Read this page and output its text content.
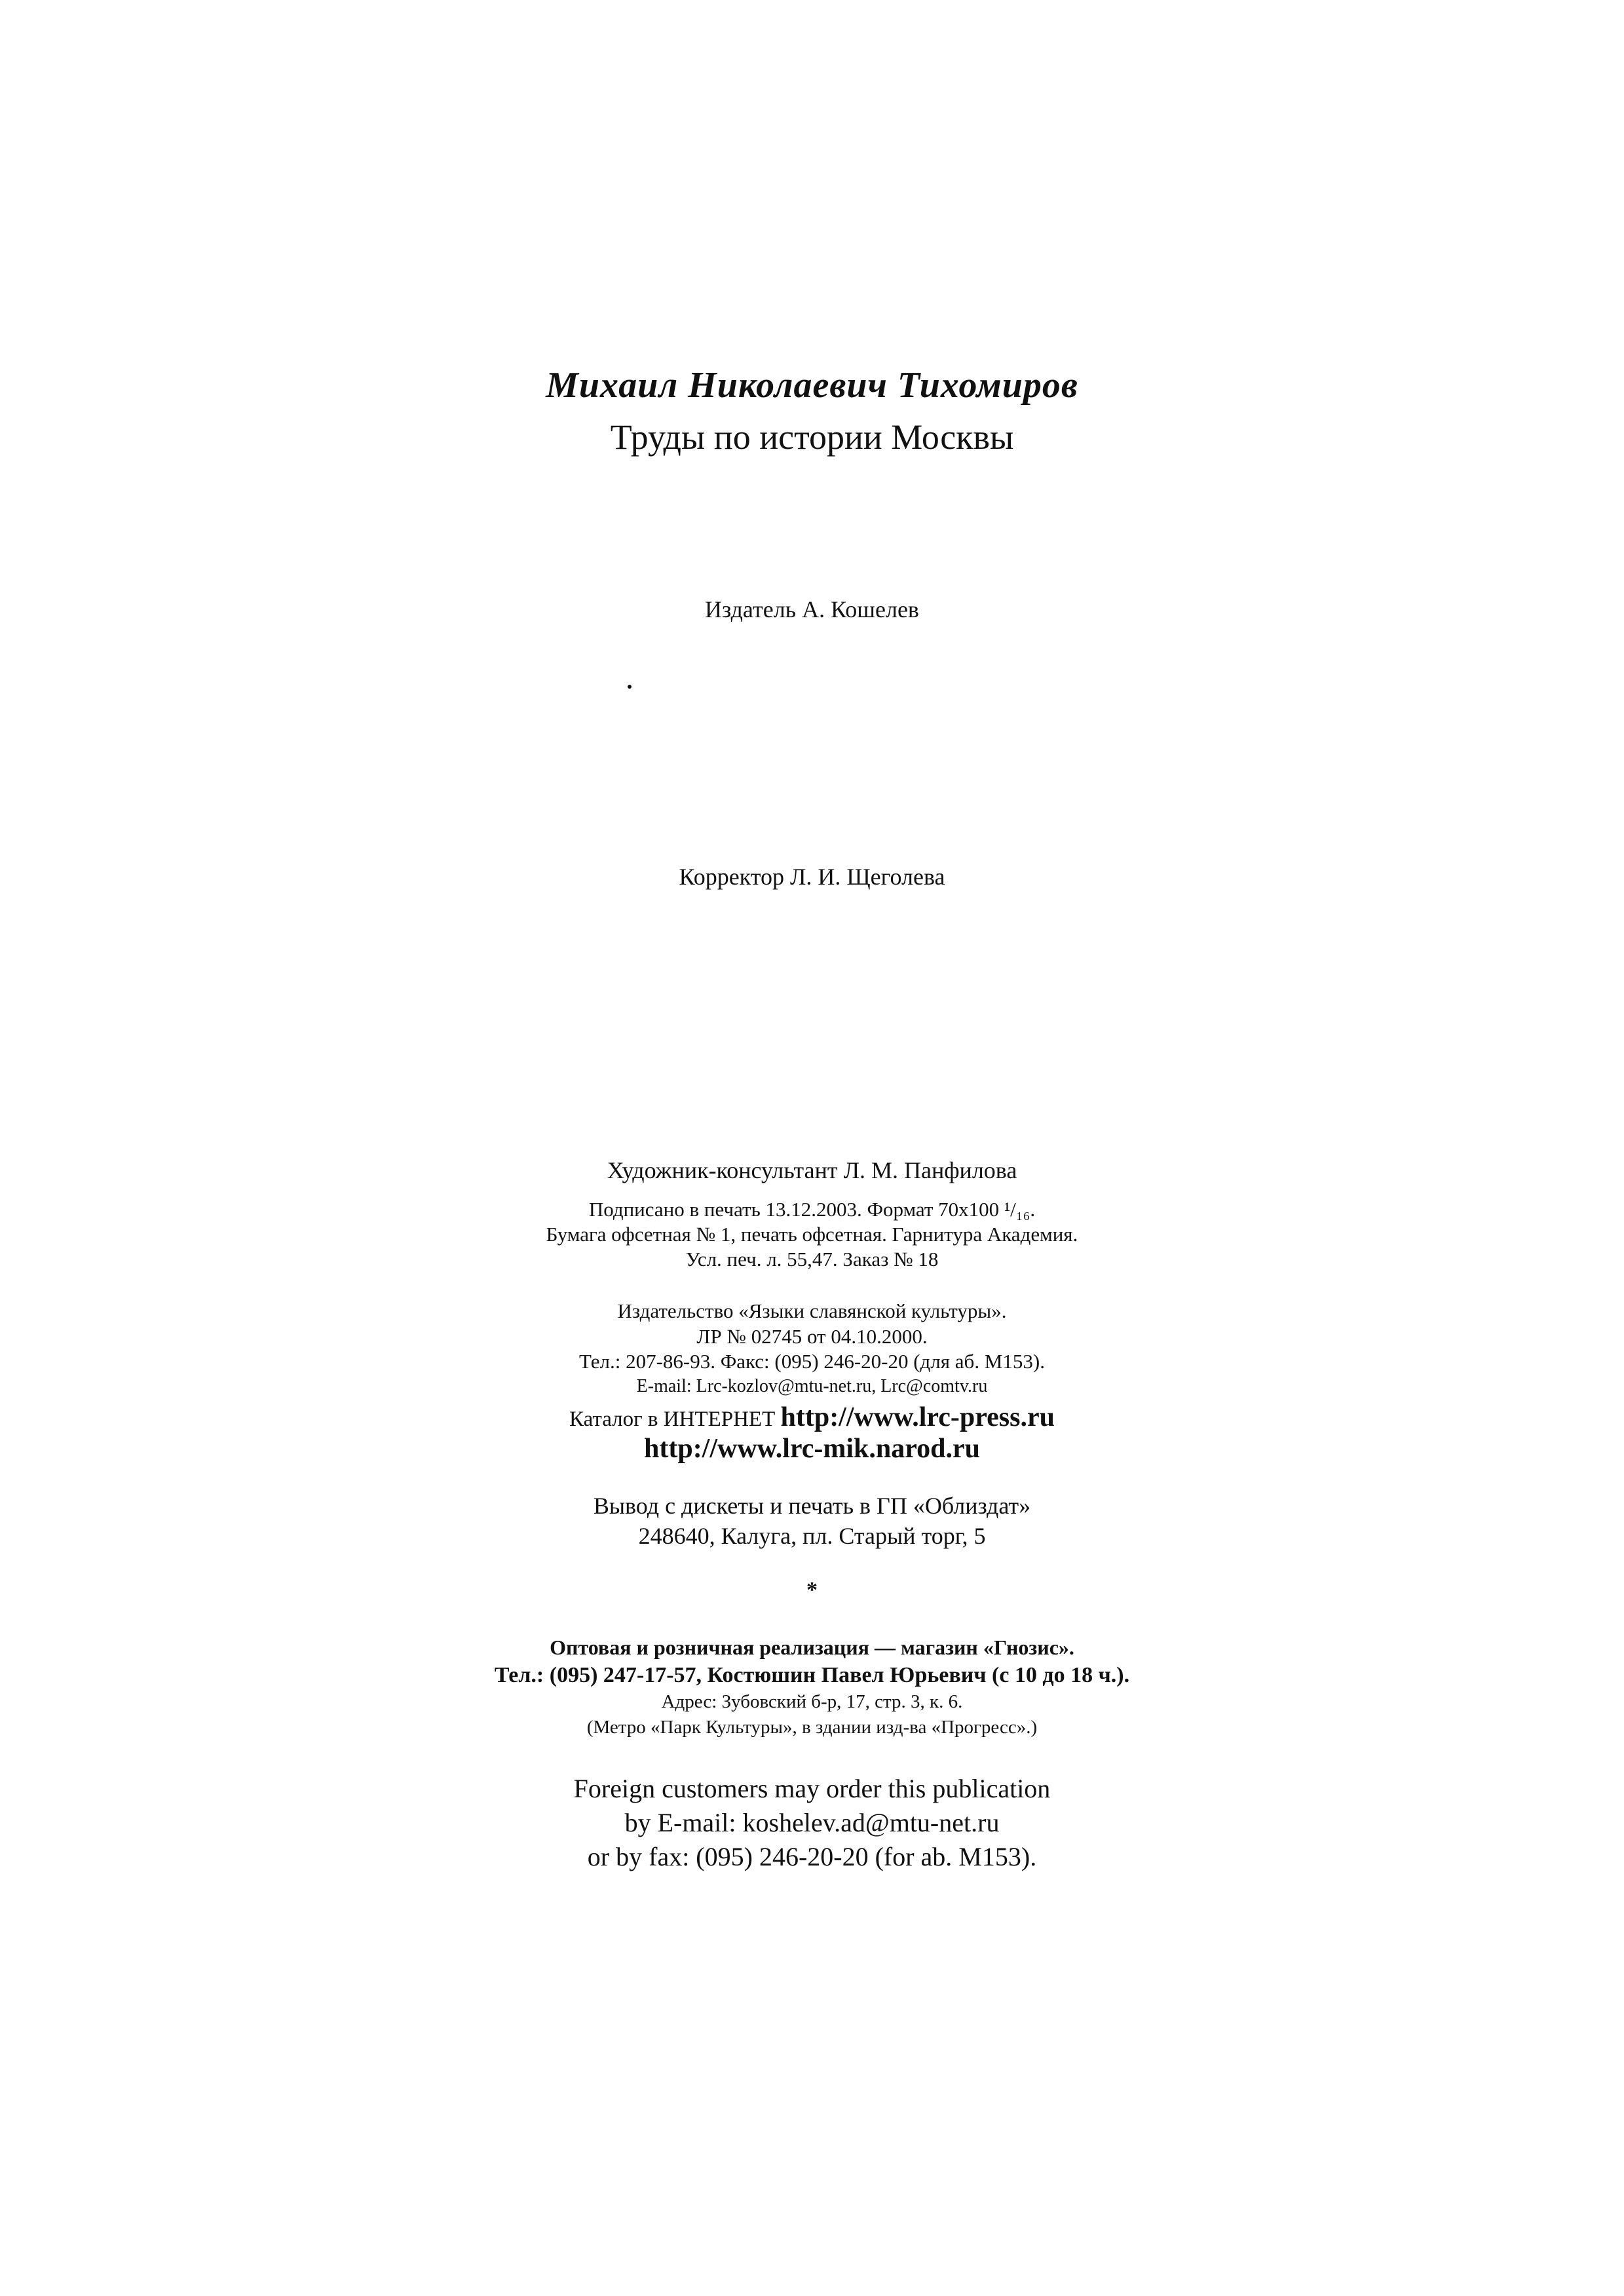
Михаил Николаевич Тихомиров
Труды по истории Москвы
Издатель А. Кошелев
Корректор Л. И. Щеголева
Художник-консультант Л. М. Панфилова
Подписано в печать 13.12.2003. Формат 70x100 ¹/₁₆.
Бумага офсетная № 1, печать офсетная. Гарнитура Академия.
Усл. печ. л. 55,47. Заказ № 18
Издательство «Языки славянской культуры».
ЛР № 02745 от 04.10.2000.
Тел.: 207-86-93. Факс: (095) 246-20-20 (для аб. М153).
E-mail: Lrc-kozlov@mtu-net.ru, Lrc@comtv.ru
Каталог в ИНТЕРНЕТ http://www.lrc-press.ru
http://www.lrc-mik.narod.ru
Вывод с дискеты и печать в ГП «Облиздат»
248640, Калуга, пл. Старый торг, 5
*
Оптовая и розничная реализация — магазин «Гнозис».
Тел.: (095) 247-17-57, Костюшин Павел Юрьевич (с 10 до 18 ч.).
Адрес: Зубовский б-р, 17, стр. 3, к. 6.
(Метро «Парк Культуры», в здании изд-ва «Прогресс».)
Foreign customers may order this publication
by E-mail: koshelev.ad@mtu-net.ru
or by fax: (095) 246-20-20 (for ab. M153).
